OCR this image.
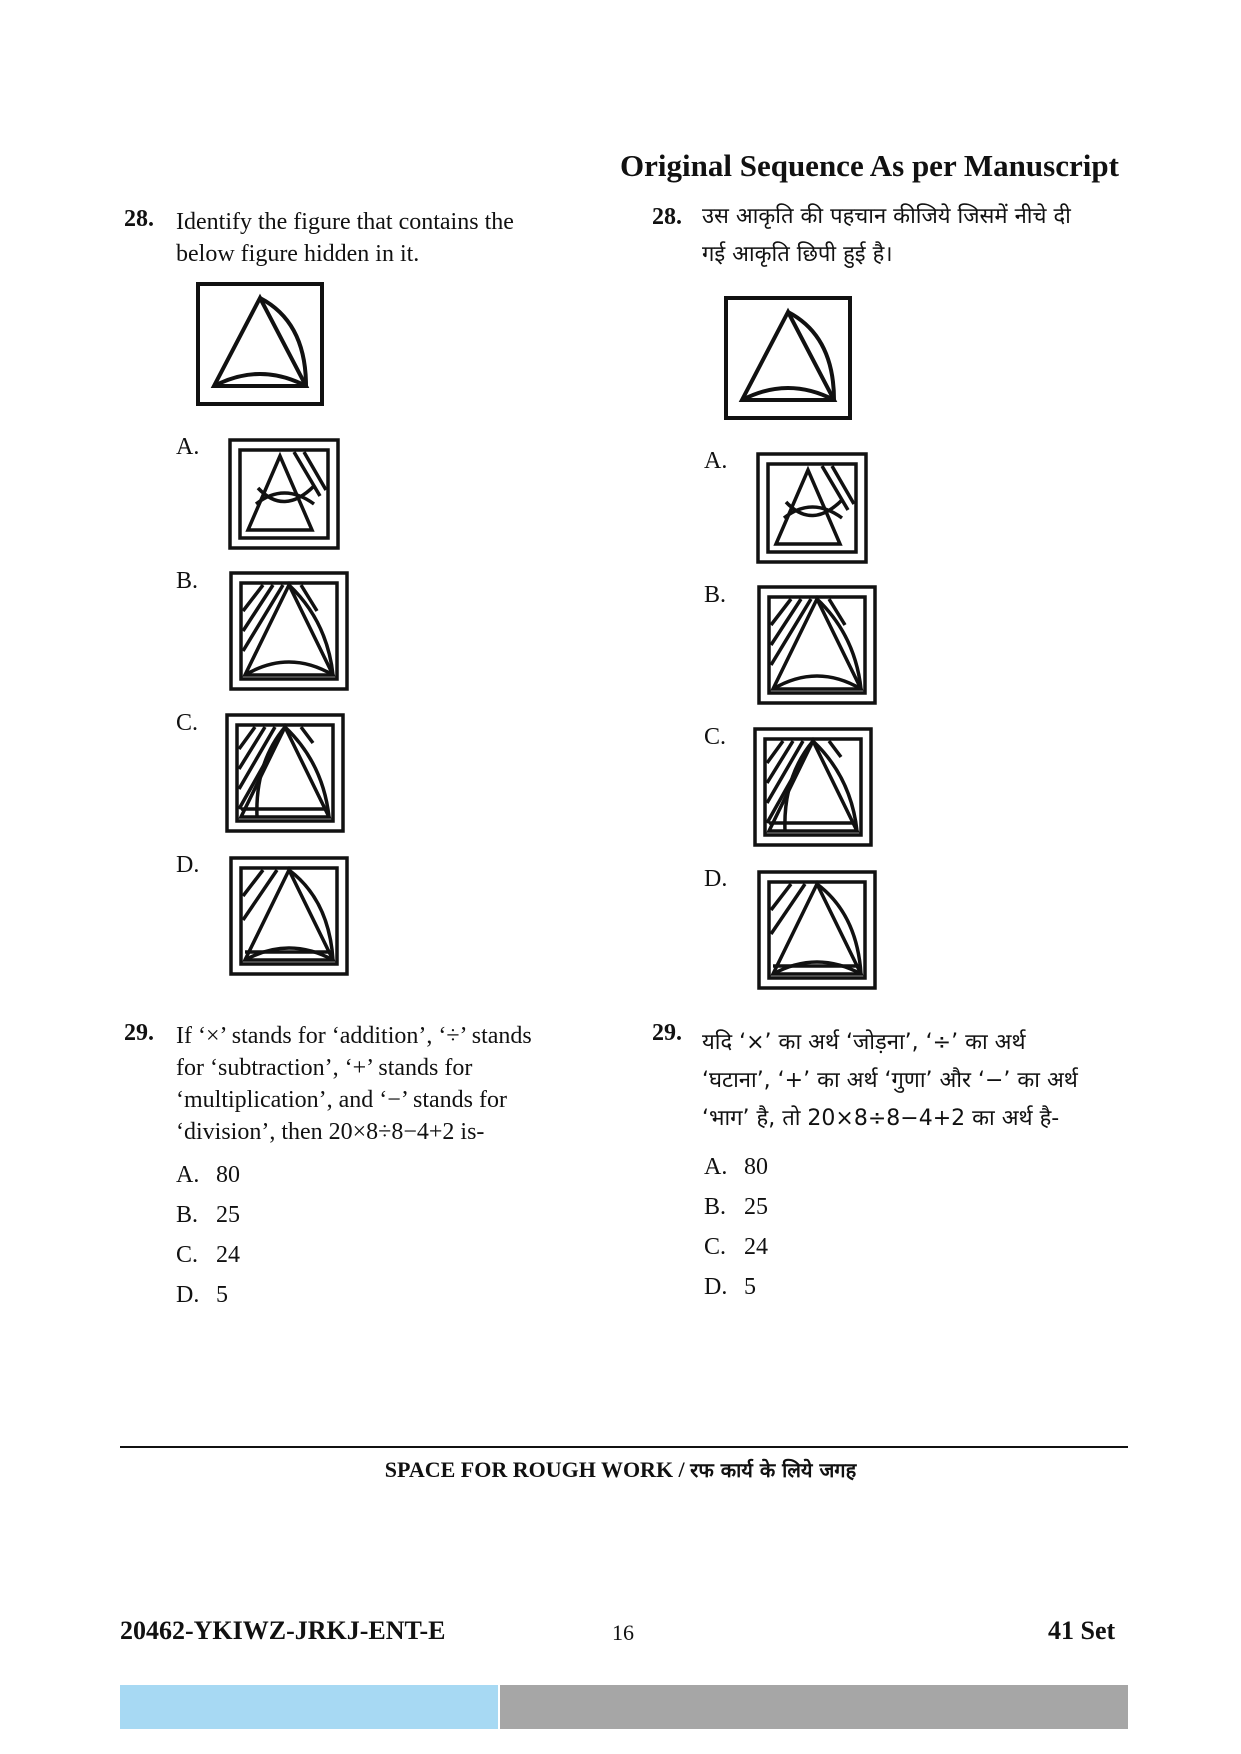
Original Sequence As per Manuscript
28. Identify the figure that contains the
below figure hidden in it.
A.
B.
C.
D.
29. If ‘×’ stands for ‘addition’, ‘÷’ stands
for ‘subtraction’, ‘+’ stands for
‘multiplication’, and ‘−’ stands for
‘division’, then 20×8÷8−4+2 is-
A. 80
B. 25
C. 24
D. 5
28. उस आकृति की पहचान कीजिये जिसमें नीचे दी
गई आकृति छिपी हुई है।
A.
B.
C.
D.
29. यदि ‘×’ का अर्थ ‘जोड़ना’, ‘÷’ का अर्थ
‘घटाना’, ‘+’ का अर्थ ‘गुणा’ और ‘−’ का अर्थ
‘भाग’ है, तो 20×8÷8−4+2 का अर्थ है-
A. 80
B. 25
C. 24
D. 5
SPACE FOR ROUGH WORK / रफ कार्य के लिये जगह
20462-YKIWZ-JRKJ-ENT-E	16	41 Set
